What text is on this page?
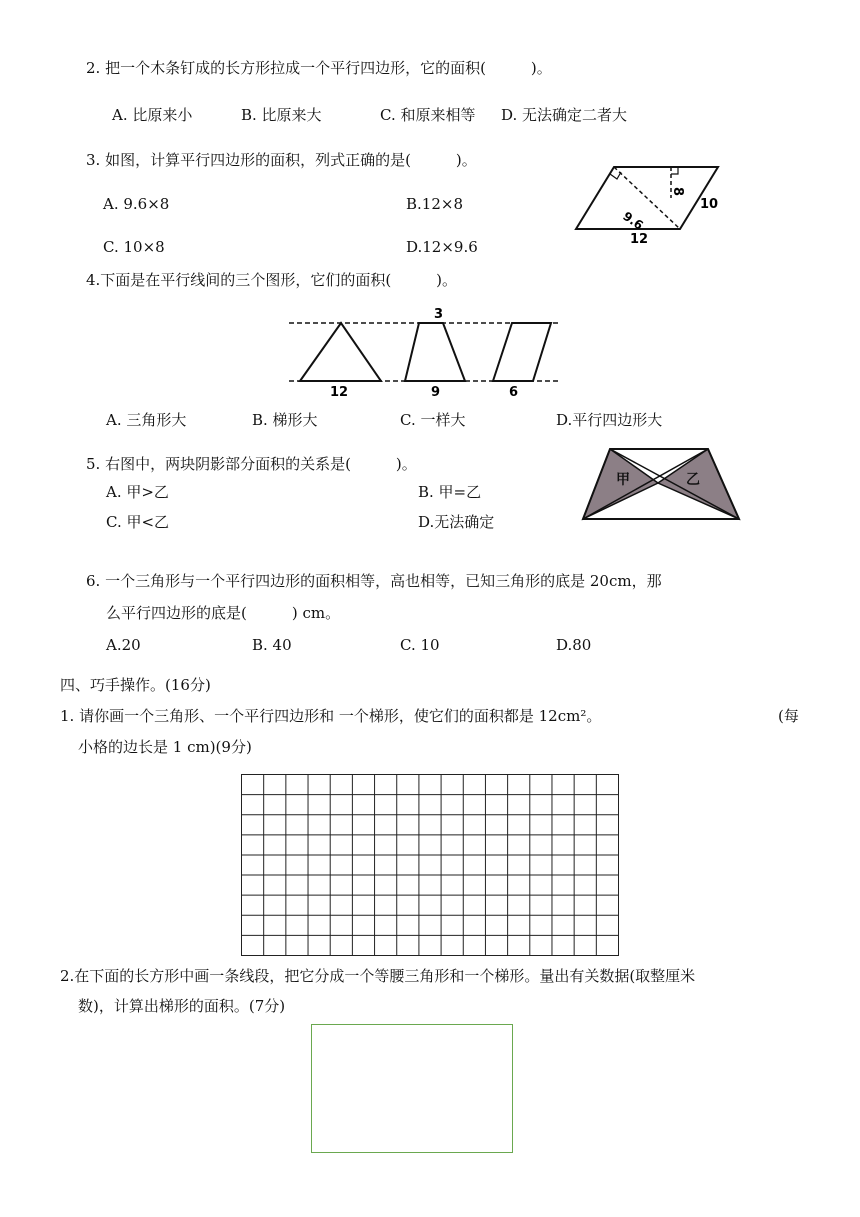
2. 把一个木条钉成的长方形拉成一个平行四边形，它的面积(　　　)。
A. 比原来小	B. 比原来大	C. 和原来相等 D. 无法确定二者大
3. 如图，计算平行四边形的面积，列式正确的是(　　　)。
A. 9.6×8	B.12×8
C. 10×8	D.12×9.6	12
10
8
9.6
4.下面是在平行线间的三个图形，它们的面积(　　　)。
12
3
9	6
A. 三角形大	B. 梯形大	C. 一样大	D.平行四边形大
5. 右图中，两块阴影部分面积的关系是(　　　)。
A. 甲>乙	B. 甲=乙
C. 甲<乙	D.无法确定
甲	乙
6. 一个三角形与一个平行四边形的面积相等，高也相等，已知三角形的底是 20cm，那
么平行四边形的底是(　　　) cm。
A.20	B. 40	C. 10	D.80
四、巧手操作。(16分)
1. 请你画一个三角形、一个平行四边形和 一个梯形，使它们的面积都是 12cm²。	(每
小格的边长是 1 cm)(9分)
2.在下面的长方形中画一条线段，把它分成一个等腰三角形和一个梯形。量出有关数据(取整厘米
数)，计算出梯形的面积。(7分)
